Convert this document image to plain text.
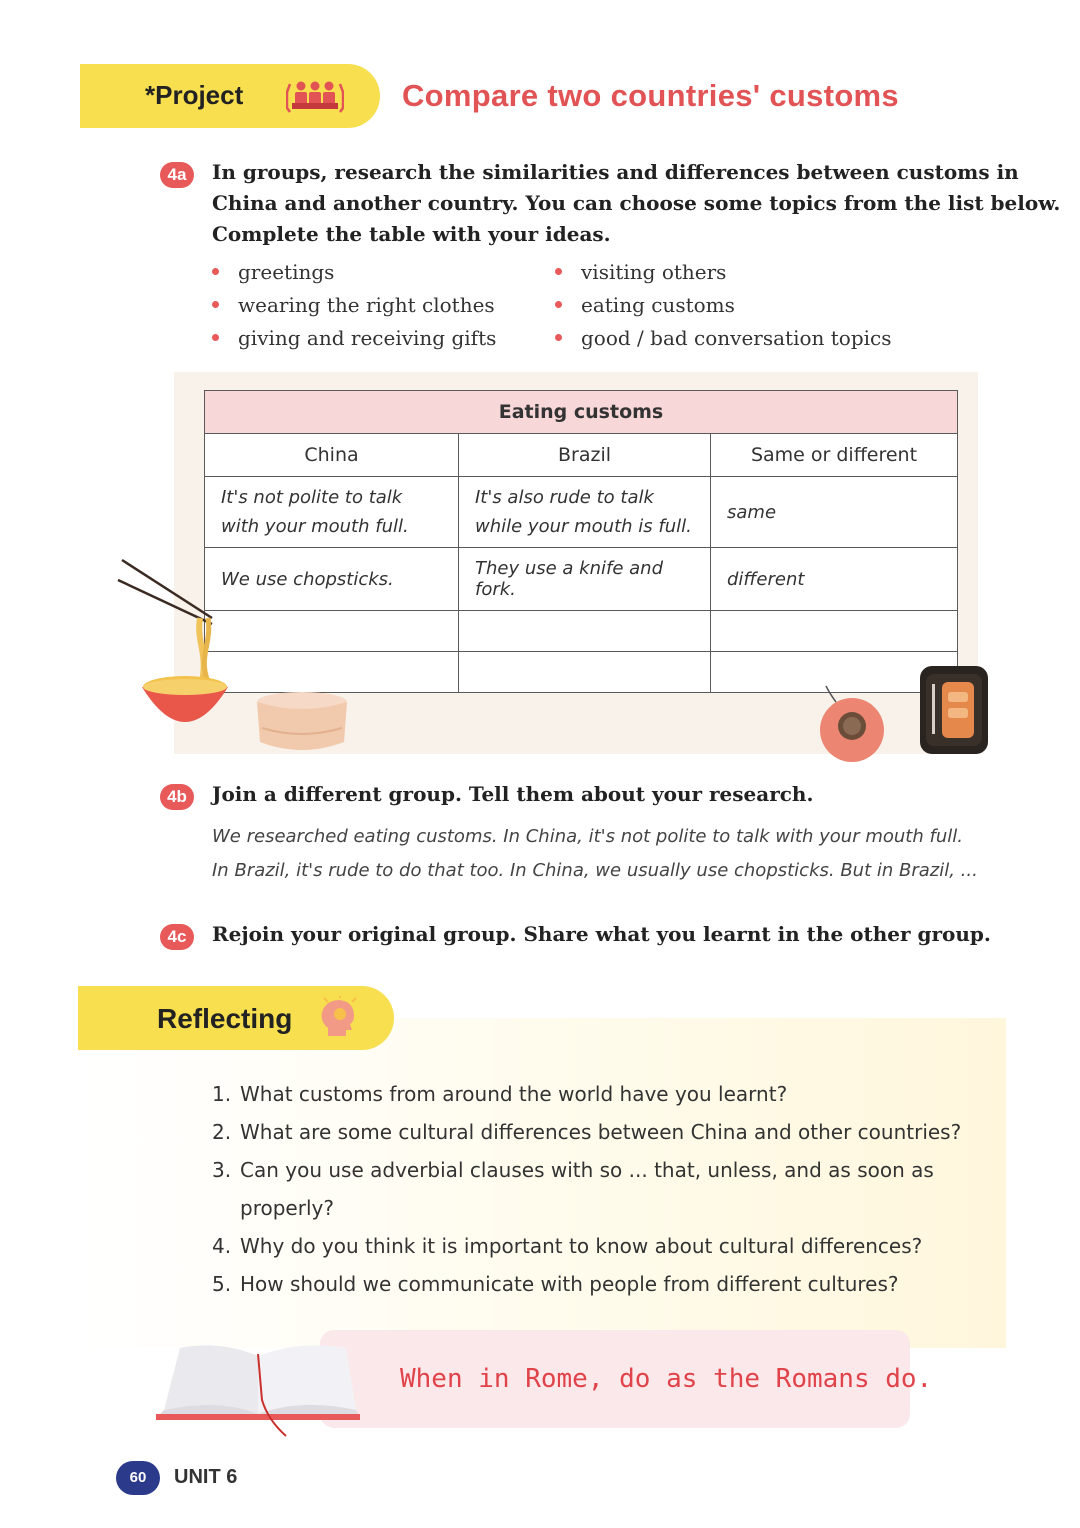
*Project	Compare two countries' customs
4a	In groups, research the similarities and differences between customs in
China and another country. You can choose some topics from the list below.
Complete the table with your ideas.
greetings
wearing the right clothes
giving and receiving gifts
visiting others
eating customs
good / bad conversation topics
Eating customs		
China	Brazil	Same or different
It's not polite to talk with your mouth full.	It's also rude to talk while your mouth is full.	same
We use chopsticks.	They use a knife and fork.	different

4b	Join a different group. Tell them about your research.
We researched eating customs. In China, it's not polite to talk with your mouth full.
In Brazil, it's rude to do that too. In China, we usually use chopsticks. But in Brazil, ...
4c	Rejoin your original group. Share what you learnt in the other group.
Reflecting
1. What customs from around the world have you learnt?
2. What are some cultural differences between China and other countries?
3. Can you use adverbial clauses with so ... that, unless, and as soon as
properly?
4. Why do you think it is important to know about cultural differences?
5. How should we communicate with people from different cultures?
When in Rome, do as the Romans do.
60	UNIT 6
